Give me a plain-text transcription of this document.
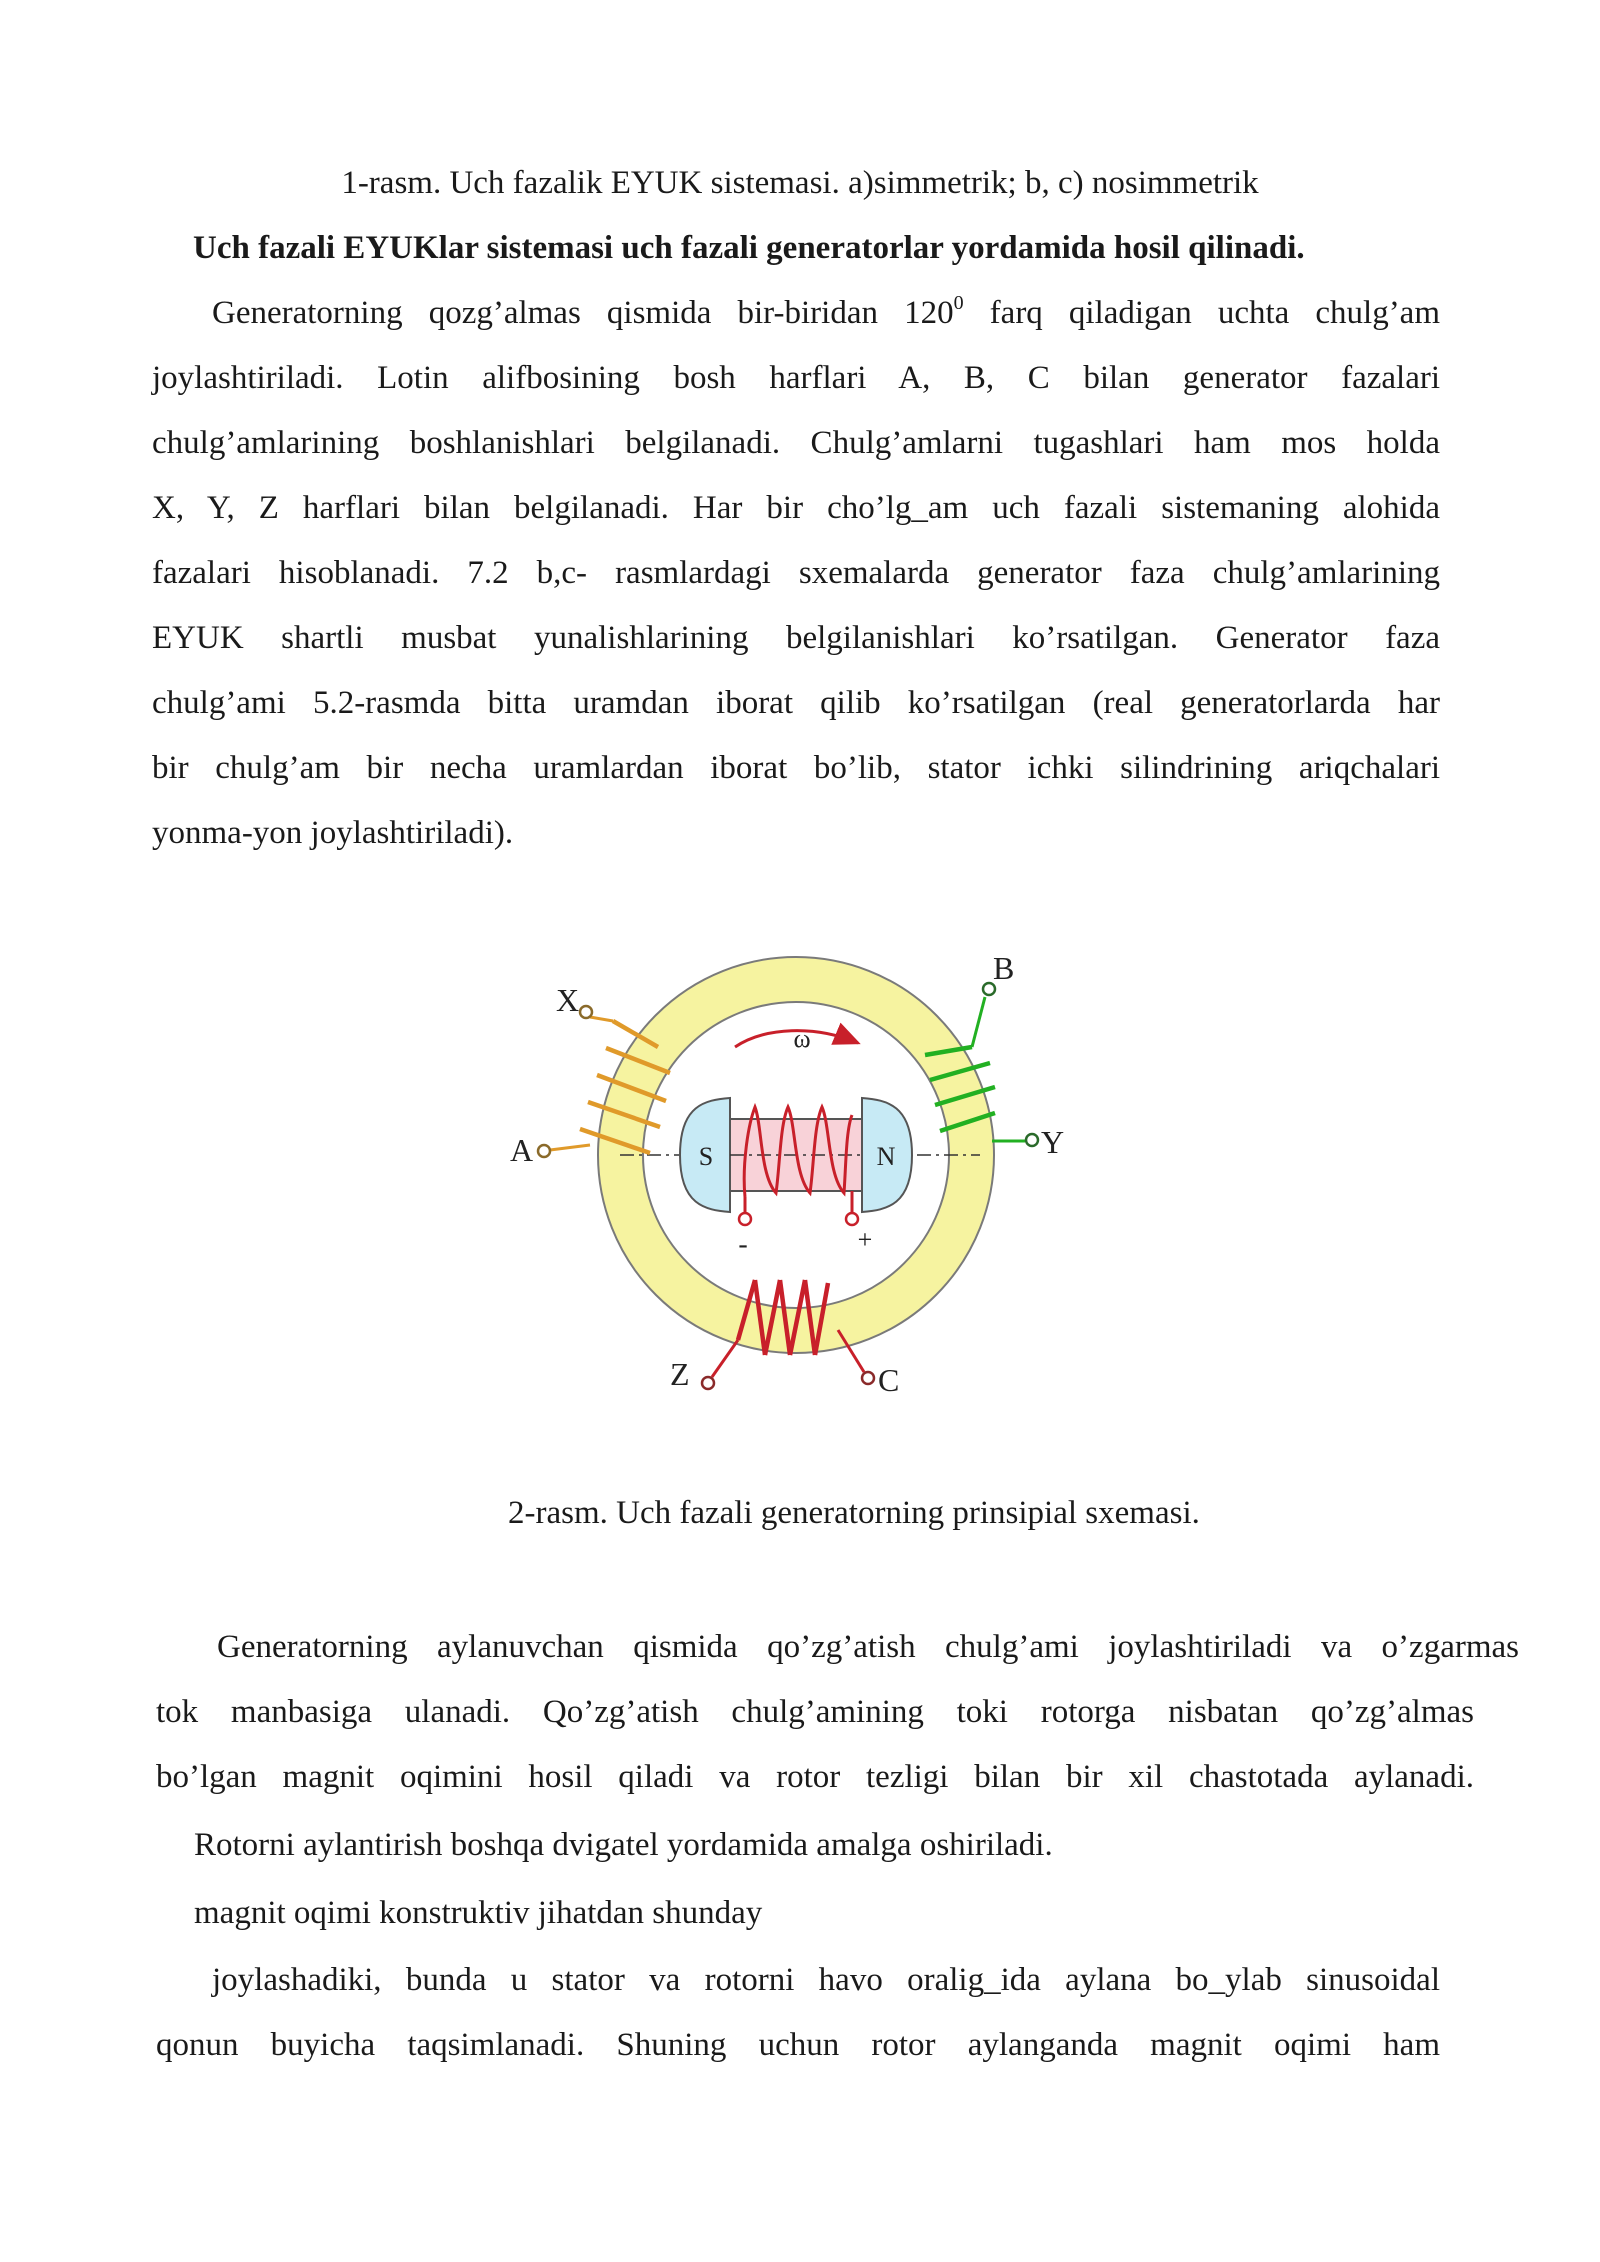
1-rasm. Uch fazalik EYUK sistemasi. a)simmetrik; b, c) nosimmetrik
Uch fazali EYUKlar sistemasi uch fazali generatorlar yordamida hosil qilinadi.
Generatorning qozg’almas qismida bir-biridan $120^0$ farq qiladigan uchta chulg’am
joylashtiriladi. Lotin alifbosining bosh harflari A, B, C bilan generator fazalari
chulg’amlarining boshlanishlari belgilanadi. Chulg’amlarni tugashlari ham mos holda
X, Y, Z harflari bilan belgilanadi. Har bir cho’lg_am uch fazali sistemaning alohida
fazalari hisoblanadi. 7.2 b,c- rasmlardagi sxemalarda generator faza chulg’amlarining
EYUK shartli musbat yunalishlarining belgilanishlari ko’rsatilgan. Generator faza
chulg’ami 5.2-rasmda bitta uramdan iborat qilib ko’rsatilgan (real generatorlarda har
bir chulg’am bir necha uramlardan iborat bo’lib, stator ichki silindrining ariqchalari
yonma-yon joylashtiriladi).
S	N
-	+
ω
X
B
A	Y
Z	C
2-rasm. Uch fazali generatorning prinsipial sxemasi.
Generatorning aylanuvchan qismida qo’zg’atish chulg’ami joylashtiriladi va o’zgarmas
tok manbasiga ulanadi. Qo’zg’atish chulg’amining toki rotorga nisbatan qo’zg’almas
bo’lgan magnit oqimini hosil qiladi va rotor tezligi bilan bir xil chastotada aylanadi.
Rotorni aylantirish boshqa dvigatel yordamida amalga oshiriladi.
magnit oqimi konstruktiv jihatdan shunday
joylashadiki, bunda u stator va rotorni havo oralig_ida aylana bo_ylab sinusoidal
qonun buyicha taqsimlanadi. Shuning uchun rotor aylanganda magnit oqimi ham
